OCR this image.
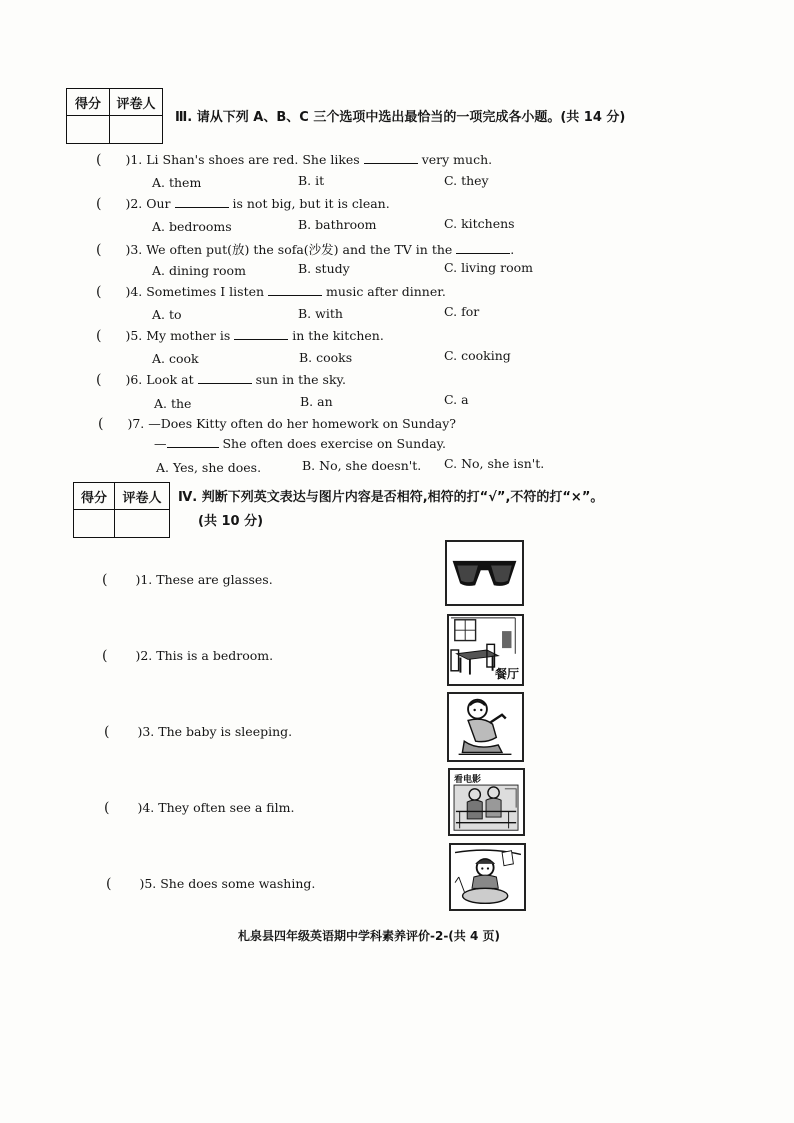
得分	评卷人

Ⅲ. 请从下列 A、B、C 三个选项中选出最恰当的一项完成各小题。(共 14 分)
( )1. Li Shan's shoes are red. She likes	very much.
A. them	B. it	C. they
( )2. Our	is not big, but it is clean.
A. bedrooms	B. bathroom	C. kitchens
( )3. We often put(放) the sofa(沙发) and the TV in the	.
A. dining room	B. study	C. living room
( )4. Sometimes I listen	music after dinner.
A. to	B. with	C. for
( )5. My mother is	in the kitchen.
A. cook	B. cooks	C. cooking
( )6. Look at	sun in the sky.
A. the	B. an	C. a
( )7. —Does Kitty often do her homework on Sunday?
—	She often does exercise on Sunday.
A. Yes, she does.	B. No, she doesn't. C. No, she isn't.
得分	评卷人
	Ⅳ. 判断下列英文表达与图片内容是否相符,相符的打“√”,不符的打“×”。
(共 10 分)
( )1. These are glasses.
( )2. This is a bedroom.
( )3. The baby is sleeping.
( )4. They often see a film.
( )5. She does some washing.
餐厅
看电影
札泉县四年级英语期中学科素养评价-2-(共 4 页)
